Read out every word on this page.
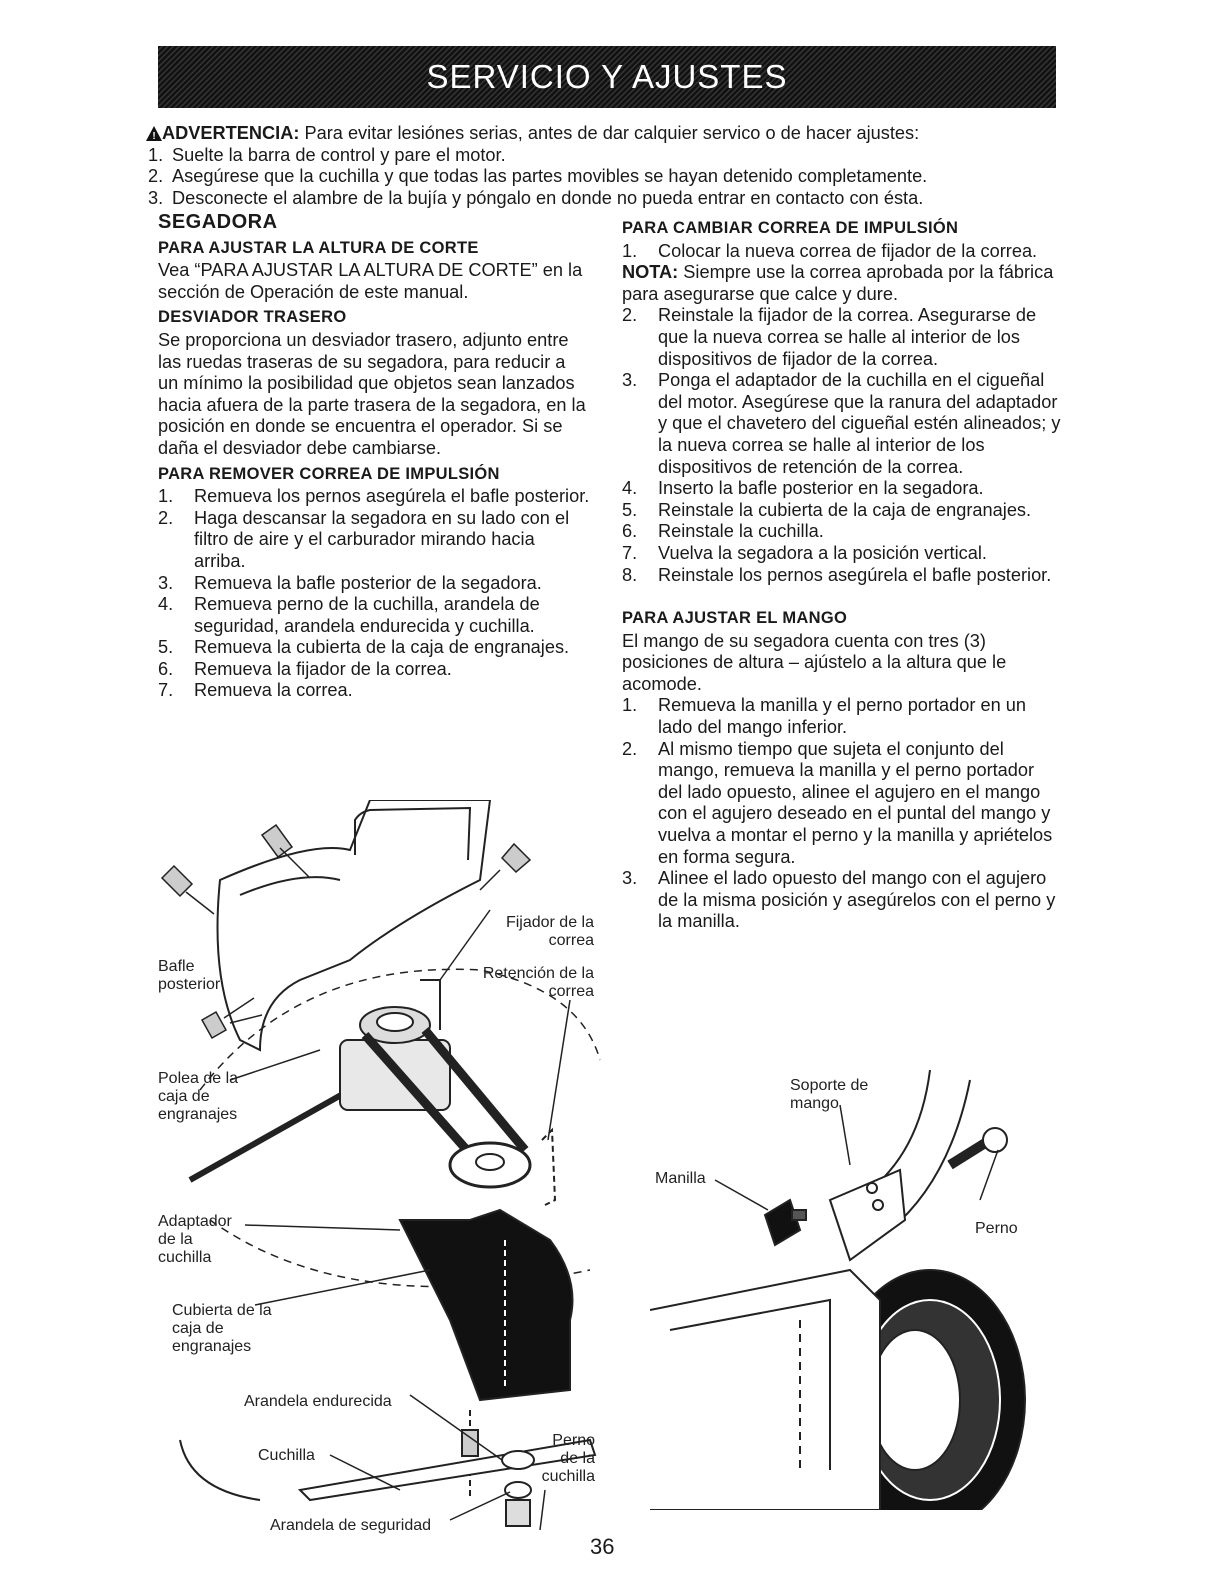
SERVICIO Y AJUSTES
! ADVERTENCIA: Para evitar lesiónes serias, antes de dar calquier servico o de hacer ajustes:
1. Suelte la barra de control y pare el motor.
2. Asegúrese que la cuchilla y que todas las partes movibles se hayan detenido completamente.
3. Desconecte el alambre de la bujía y póngalo en donde no pueda entrar en contacto con ésta.
SEGADORA
PARA AJUSTAR LA ALTURA DE CORTE

Vea “PARA AJUSTAR LA ALTURA DE CORTE” en la sección de Operación de este manual.

DESVIADOR TRASERO

Se proporciona un desviador trasero, adjunto entre las ruedas traseras de su segadora, para reducir a un mínimo la posibilidad que objetos sean lanzados hacia afuera de la parte trasera de la segadora, en la posición en donde se encuentra el operador. Si se daña el desviador debe cambiarse.

PARA REMOVER CORREA DE IMPULSIÓN
1. Remueva los pernos asegúrela el bafle posterior.
2. Haga descansar la segadora en su lado con el filtro de aire y el carburador mirando hacia arriba.
3. Remueva la bafle posterior de la segadora.
4. Remueva perno de la cuchilla, arandela de seguridad, arandela endurecida y cuchilla.
5. Remueva la cubierta de la caja de engranajes.
6. Remueva la fijador de la correa.
7. Remueva la correa.
PARA CAMBIAR CORREA DE IMPULSIÓN
1. Colocar la nueva correa de fijador de la correa.

NOTA: Siempre use la correa aprobada por la fábrica para asegurarse que calce y dure.

2. Reinstale la fijador de la correa. Asegurarse de que la nueva correa se halle al interior de los dispositivos de fijador de la correa.
3. Ponga el adaptador de la cuchilla en el cigueñal del motor. Asegúrese que la ranura del adaptador y que el chavetero del cigueñal estén alineados; y la nueva correa se halle al interior de los dispositivos de retención de la correa.
4. Inserto la bafle posterior en la segadora.
5. Reinstale la cubierta de la caja de engranajes.
6. Reinstale la cuchilla.
7. Vuelva la segadora a la posición vertical.
8. Reinstale los pernos asegúrela el bafle posterior.
PARA AJUSTAR EL MANGO

El mango de su segadora cuenta con tres (3) posiciones de altura – ajústelo a la altura que le acomode.

1. Remueva la manilla y el perno portador en un lado del mango inferior.
2. Al mismo tiempo que sujeta el conjunto del mango, remueva la manilla y el perno portador del lado opuesto, alinee el agujero en el mango con el agujero deseado en el puntal del mango y vuelva a montar el perno y la manilla y apriételos en forma segura.
3. Alinee el lado opuesto del mango con el agujero de la misma posición y asegúrelos con el perno y la manilla.
Fijador de la correa
Retención de la correa
Bafle posterior
Polea de la caja de engranajes
Adaptador de la cuchilla
Cubierta de la caja de engranajes
Arandela endurecida
Cuchilla
Perno de la cuchilla
Arandela de seguridad
Soporte de mango
Manilla
Perno
36
